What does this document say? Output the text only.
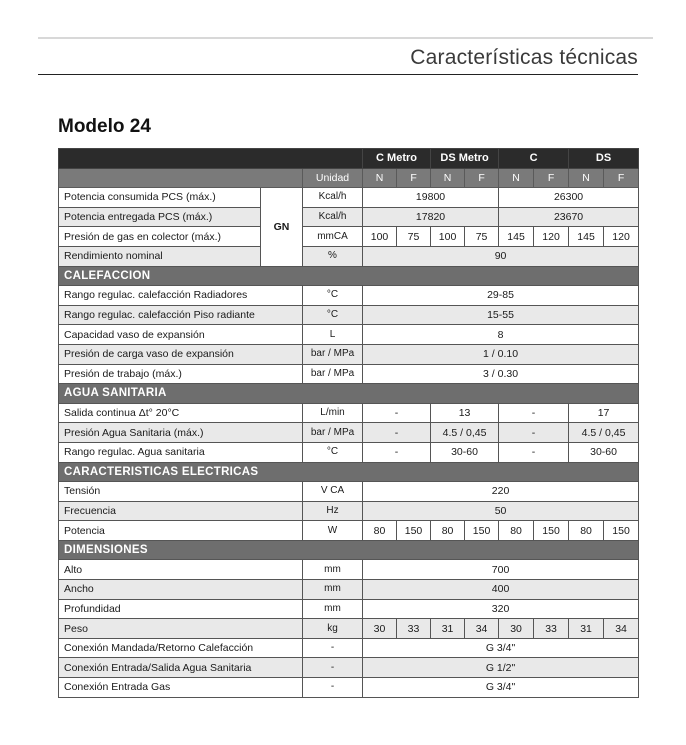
Características técnicas
Modelo 24
			C Metro		DS Metro		C		DS	
		Unidad	N	F	N	F	N	F	N	F
Potencia consumida PCS (máx.)	GN	Kcal/h	19800				26300			
Potencia entregada PCS (máx.)		Kcal/h	17820				23670			
Presión de gas en colector (máx.)		mmCA	100	75	100	75	145	120	145	120
Rendimiento nominal		%	90							
CALEFACCION										
Rango regulac. calefacción Radiadores		°C	29-85							
Rango regulac. calefacción Piso radiante		°C	15-55							
Capacidad vaso de expansión		L	8							
Presión de carga vaso de expansión		bar / MPa	1 / 0.10							
Presión de trabajo (máx.)		bar / MPa	3 / 0.30							
AGUA SANITARIA										
Salida continua Δt° 20°C		L/min	-		13		-		17	
Presión Agua Sanitaria (máx.)		bar / MPa	-		4.5 / 0,45		-		4.5 / 0,45	
Rango regulac. Agua sanitaria		°C	-		30-60		-		30-60	
CARACTERISTICAS ELECTRICAS										
Tensión		V CA	220							
Frecuencia		Hz	50							
Potencia		W	80	150	80	150	80	150	80	150
DIMENSIONES										
Alto		mm	700							
Ancho		mm	400							
Profundidad		mm	320							
Peso		kg	30	33	31	34	30	33	31	34
Conexión Mandada/Retorno Calefacción		-	G 3/4"							
Conexión Entrada/Salida Agua Sanitaria		-	G 1/2"							
Conexión Entrada Gas		-	G 3/4"							
